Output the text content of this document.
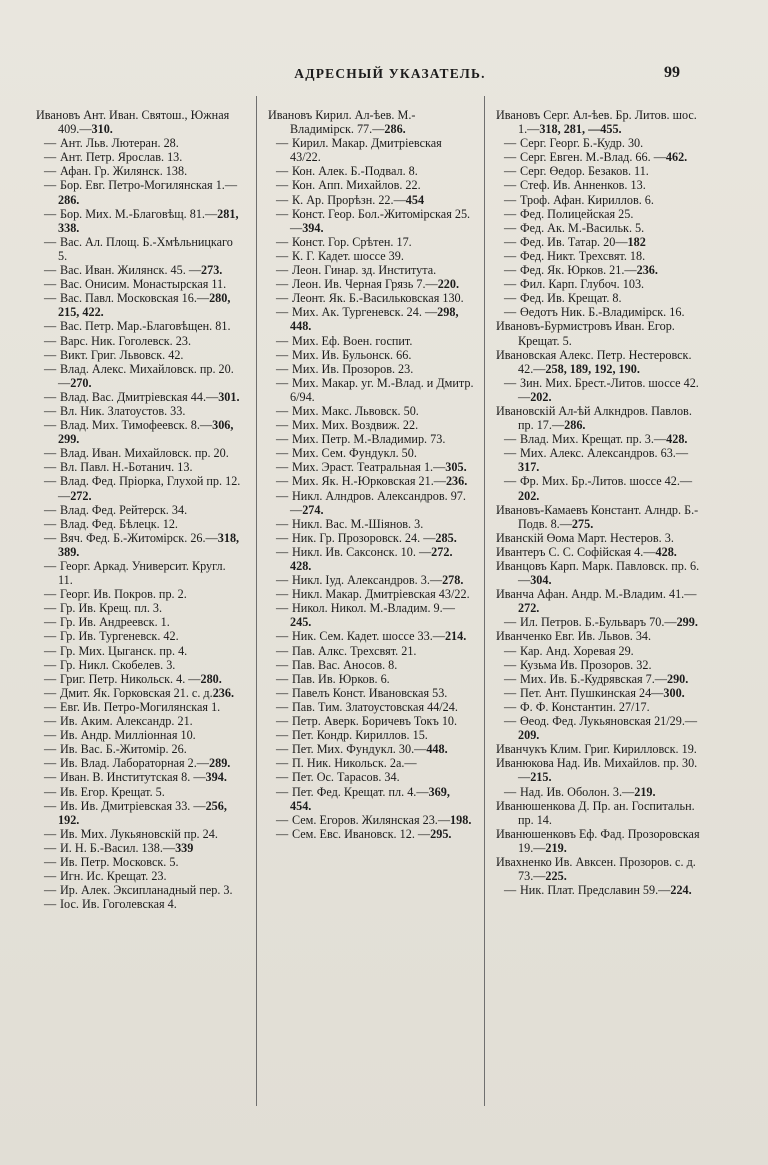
АДРЕСНЫЙ УКАЗАТЕЛЬ.	99

Ивановъ Ант. Иван. Святош., Южная 409.—310.

— Ант. Льв. Лютеран. 28.

— Ант. Петр. Ярослав. 13.

— Афан. Гр. Жилянск. 138.

— Бор. Евг. Петро-Могилянская 1.—286.

— Бор. Мих. М.-Благовѣщ. 81.—281, 338.

— Вас. Ал. Площ. Б.-Хмѣльницкаго 5.

— Вас. Иван. Жилянск. 45. —273.

— Вас. Онисим. Монастырская 11.

— Вас. Павл. Московская 16.—280, 215, 422.

— Вас. Петр. Мар.-Благовѣщен. 81.

— Варс. Ник. Гоголевск. 23.

— Викт. Григ. Львовск. 42.

— Влад. Алекс. Михайловск. пр. 20.—270.

— Влад. Вас. Дмитріевская 44.—301.

— Вл. Ник. Златоустов. 33.

— Влад. Мих. Тимофеевск. 8.—306, 299.

— Влад. Иван. Михайловск. пр. 20.

— Вл. Павл. Н.-Ботанич. 13.

— Влад. Фед. Пріорка, Глухой пр. 12.—272.

— Влад. Фед. Рейтерск. 34.

— Влад. Фед. Бѣлецк. 12.

— Вяч. Фед. Б.-Житомірск. 26.—318, 389.

— Георг. Аркад. Университ. Кругл. 11.

— Георг. Ив. Покров. пр. 2.

— Гр. Ив. Крещ. пл. 3.

— Гр. Ив. Андреевск. 1.

— Гр. Ив. Тургеневск. 42.

— Гр. Мих. Цыганск. пр. 4.

— Гр. Никл. Скобелев. 3.

— Григ. Петр. Никольск. 4. —280.

— Дмит. Як. Горковская 21. с. д.236.

— Евг. Ив. Петро-Могилянская 1.

— Ив. Аким. Александр. 21.

— Ив. Андр. Милліонная 10.

— Ив. Вас. Б.-Житомір. 26.

— Ив. Влад. Лабораторная 2.—289.

— Иван. В. Институтская 8. —394.

— Ив. Егор. Крещат. 5.

— Ив. Ив. Дмитріевская 33. —256, 192.

— Ив. Мих. Лукьяновскій пр. 24.

— И. Н. Б.-Васил. 138.—339

— Ив. Петр. Московск. 5.

— Игн. Ис. Крещат. 23.

— Ир. Алек. Эксипланадный пер. 3.

— Іос. Ив. Гоголевская 4.

Ивановъ Кирил. Ал-ѣев. М.-Владимірск. 77.—286.

— Кирил. Макар. Дмитріевская 43/22.

— Кон. Алек. Б.-Подвал. 8.

— Кон. Апп. Михайлов. 22.

— К. Ар. Прорѣзн. 22.—454

— Конст. Геор. Бол.-Житомірская 25.—394.

— Конст. Гор. Срѣтен. 17.

— К. Г. Кадет. шоссе 39.

— Леон. Гинар. зд. Института.

— Леон. Ив. Черная Грязь 7.—220.

— Леонт. Як. Б.-Васильковская 130.

— Мих. Ак. Тургеневск. 24. —298, 448.

— Мих. Еф. Воен. госпит.

— Мих. Ив. Бульонск. 66.

— Мих. Ив. Прозоров. 23.

— Мих. Макар. уг. М.-Влад. и Дмитр. 6/94.

— Мих. Макс. Львовск. 50.

— Мих. Мих. Воздвиж. 22.

— Мих. Петр. М.-Владимир. 73.

— Мих. Сем. Фундукл. 50.

— Мих. Эраст. Театральная 1.—305.

— Мих. Як. Н.-Юрковская 21.—236.

— Никл. Алндров. Александров. 97.—274.

— Никл. Вас. М.-Шіянов. 3.

— Ник. Гр. Прозоровск. 24. —285.

— Никл. Ив. Саксонск. 10. —272. 428.

— Никл. Іуд. Александров. 3.—278.

— Никл. Макар. Дмитріевская 43/22.

— Никол. Никол. М.-Владим. 9.—245.

— Ник. Сем. Кадет. шоссе 33.—214.

— Пав. Алкс. Трехсвят. 21.

— Пав. Вас. Аносов. 8.

— Пав. Ив. Юрков. 6.

— Павелъ Конст. Ивановская 53.

— Пав. Тим. Златоустовская 44/24.

— Петр. Аверк. Боричевъ Токъ 10.

— Пет. Кондр. Кириллов. 15.

— Пет. Мих. Фундукл. 30.—448.

— П. Ник. Никольск. 2а.—

— Пет. Ос. Тарасов. 34.

— Пет. Фед. Крещат. пл. 4.—369, 454.

— Сем. Егоров. Жилянская 23.—198.

— Сем. Евс. Ивановск. 12. —295.

Ивановъ Серг. Ал-ѣев. Бр. Литов. шос. 1.—318, 281, —455.

— Серг. Георг. Б.-Кудр. 30.

— Серг. Евген. М.-Влад. 66. —462.

— Серг. Өедор. Безаков. 11.

— Стеф. Ив. Анненков. 13.

— Троф. Афан. Кириллов. 6.

— Фед. Полицейская 25.

— Фед. Ак. М.-Васильк. 5.

— Фед. Ив. Татар. 20—182

— Фед. Никт. Трехсвят. 18.

— Фед. Як. Юрков. 21.—236.

— Фил. Карп. Глубоч. 103.

— Фед. Ив. Крещат. 8.

— Өедотъ Ник. Б.-Владимірск. 16.

Ивановъ-Бурмистровъ Иван. Егор. Крещат. 5.

Ивановская Алекс. Петр. Нестеровск. 42.—258, 189, 192, 190.

— Зин. Мих. Брест.-Литов. шоссе 42.—202.

Ивановскій Ал-ѣй Алкндров. Павлов. пр. 17.—286.

— Влад. Мих. Крещат. пр. 3.—428.

— Мих. Алекс. Александров. 63.—317.

— Фр. Мих. Бр.-Литов. шоссе 42.—202.

Ивановъ-Камаевъ Констант. Алндр. Б.-Подв. 8.—275.

Иванскій Өома Март. Нестеров. 3.

Ивантеръ С. С. Софійская 4.—428.

Иванцовъ Карп. Марк. Павловск. пр. 6.—304.

Иванча Афан. Андр. М.-Владим. 41.—272.

— Ил. Петров. Б.-Бульваръ 70.—299.

Иванченко Евг. Ив. Львов. 34.

— Кар. Анд. Хоревая 29.

— Кузьма Ив. Прозоров. 32.

— Мих. Ив. Б.-Кудрявская 7.—290.

— Пет. Ант. Пушкинская 24—300.

— Ф. Ф. Константин. 27/17.

— Өеод. Фед. Лукьяновская 21/29.—209.

Иванчукъ Клим. Григ. Кирилловск. 19.

Иванюкова Над. Ив. Михайлов. пр. 30.—215.

— Над. Ив. Оболон. 3.—219.

Иванюшенкова Д. Пр. ан. Госпитальн. пр. 14.

Иванюшенковъ Еф. Фад. Прозоровская 19.—219.

Ивахненко Ив. Авксен. Прозоров. с. д. 73.—225.

— Ник. Плат. Предславин 59.—224.
